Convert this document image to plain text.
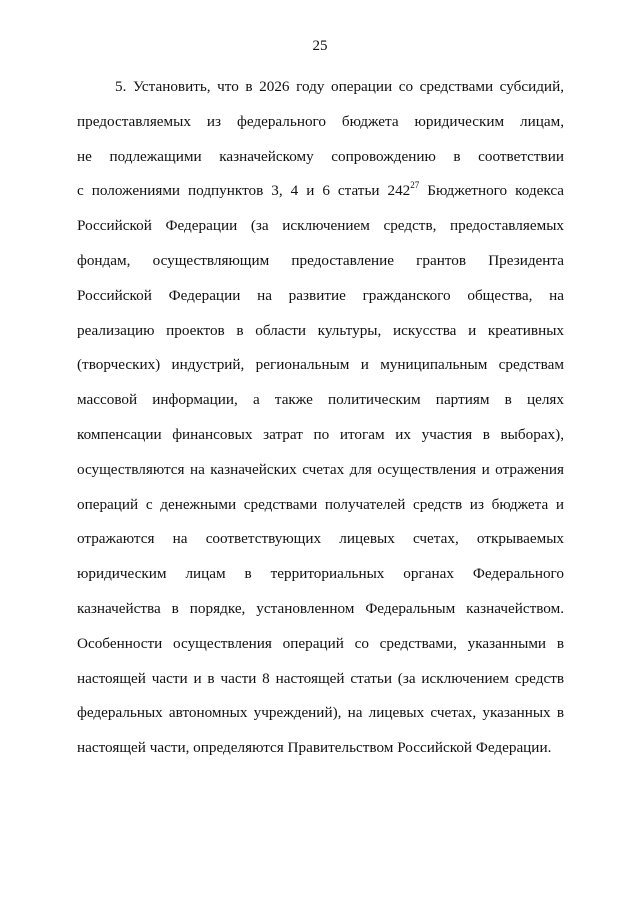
25
5. Установить, что в 2026 году операции со средствами субсидий,
предоставляемых из федерального бюджета юридическим лицам,
не подлежащими казначейскому сопровождению в соответствии
с положениями подпунктов 3, 4 и 6 статьи $242^{27}$ Бюджетного кодекса
Российской Федерации (за исключением средств, предоставляемых
фондам, осуществляющим предоставление грантов Президента
Российской Федерации на развитие гражданского общества, на
реализацию проектов в области культуры, искусства и креативных
(творческих) индустрий, региональным и муниципальным средствам
массовой информации, а также политическим партиям в целях
компенсации финансовых затрат по итогам их участия в выборах),
осуществляются на казначейских счетах для осуществления и отражения
операций с денежными средствами получателей средств из бюджета и
отражаются на соответствующих лицевых счетах, открываемых
юридическим лицам в территориальных органах Федерального
казначейства в порядке, установленном Федеральным казначейством.
Особенности осуществления операций со средствами, указанными в
настоящей части и в части 8 настоящей статьи (за исключением средств
федеральных автономных учреждений), на лицевых счетах, указанных в
настоящей части, определяются Правительством Российской Федерации.
